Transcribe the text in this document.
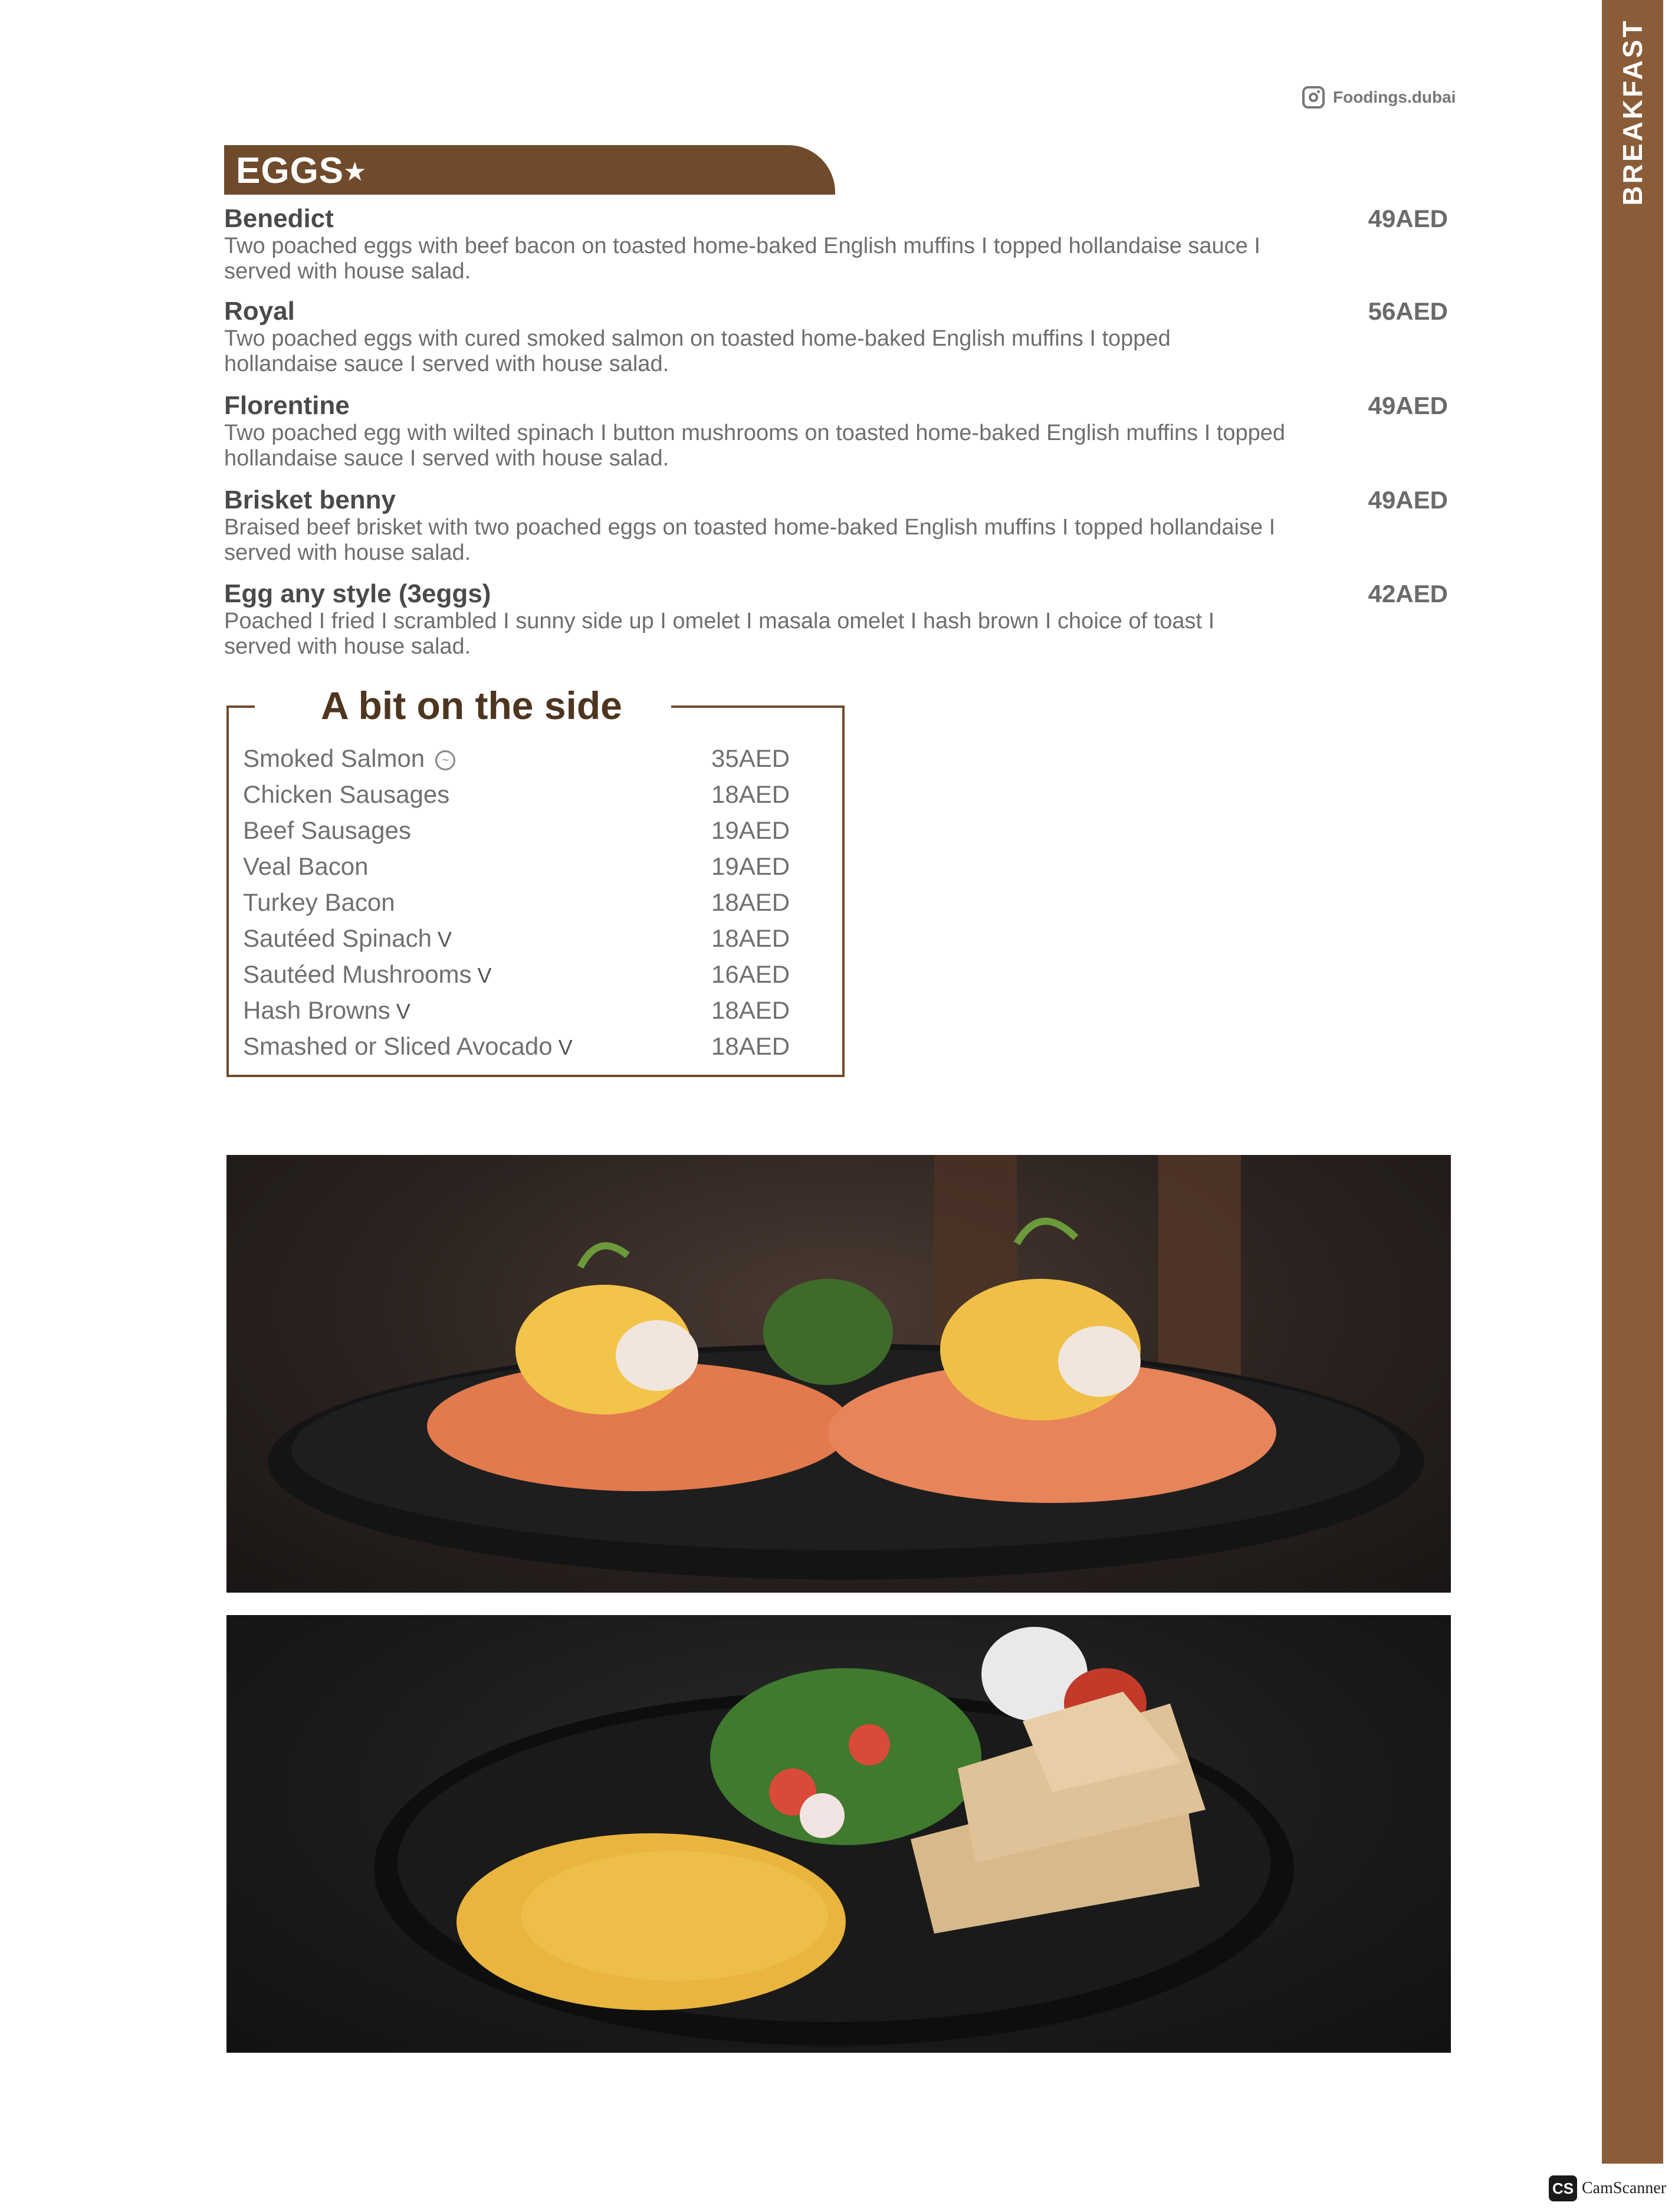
BREAKFAST
Foodings.dubai
EGGS
★
Benedict	49AED
Two poached eggs with beef bacon on toasted home-baked English muffins I topped hollandaise sauce I served with house salad.
Royal	56AED
Two poached eggs with cured smoked salmon on toasted home-baked English muffins I topped hollandaise sauce I served with house salad.
Florentine	49AED
Two poached egg with wilted spinach I button mushrooms on toasted home-baked English muffins I topped hollandaise sauce I served with house salad.
Brisket benny	49AED
Braised beef brisket with two poached eggs on toasted home-baked English muffins I topped hollandaise I served with house salad.
Egg any style (3eggs)	42AED
Poached I fried I scrambled I sunny side up I omelet I masala omelet I hash brown I choice of toast I served with house salad.
A bit on the side
Smoked Salmon ~	35AED
Chicken Sausages	18AED
Beef Sausages	19AED
Veal Bacon	19AED
Turkey Bacon	18AED
Sautéed Spinach V	18AED
Sautéed Mushrooms V	16AED
Hash Browns V	18AED
Smashed or Sliced Avocado V	18AED
CS CamScanner
